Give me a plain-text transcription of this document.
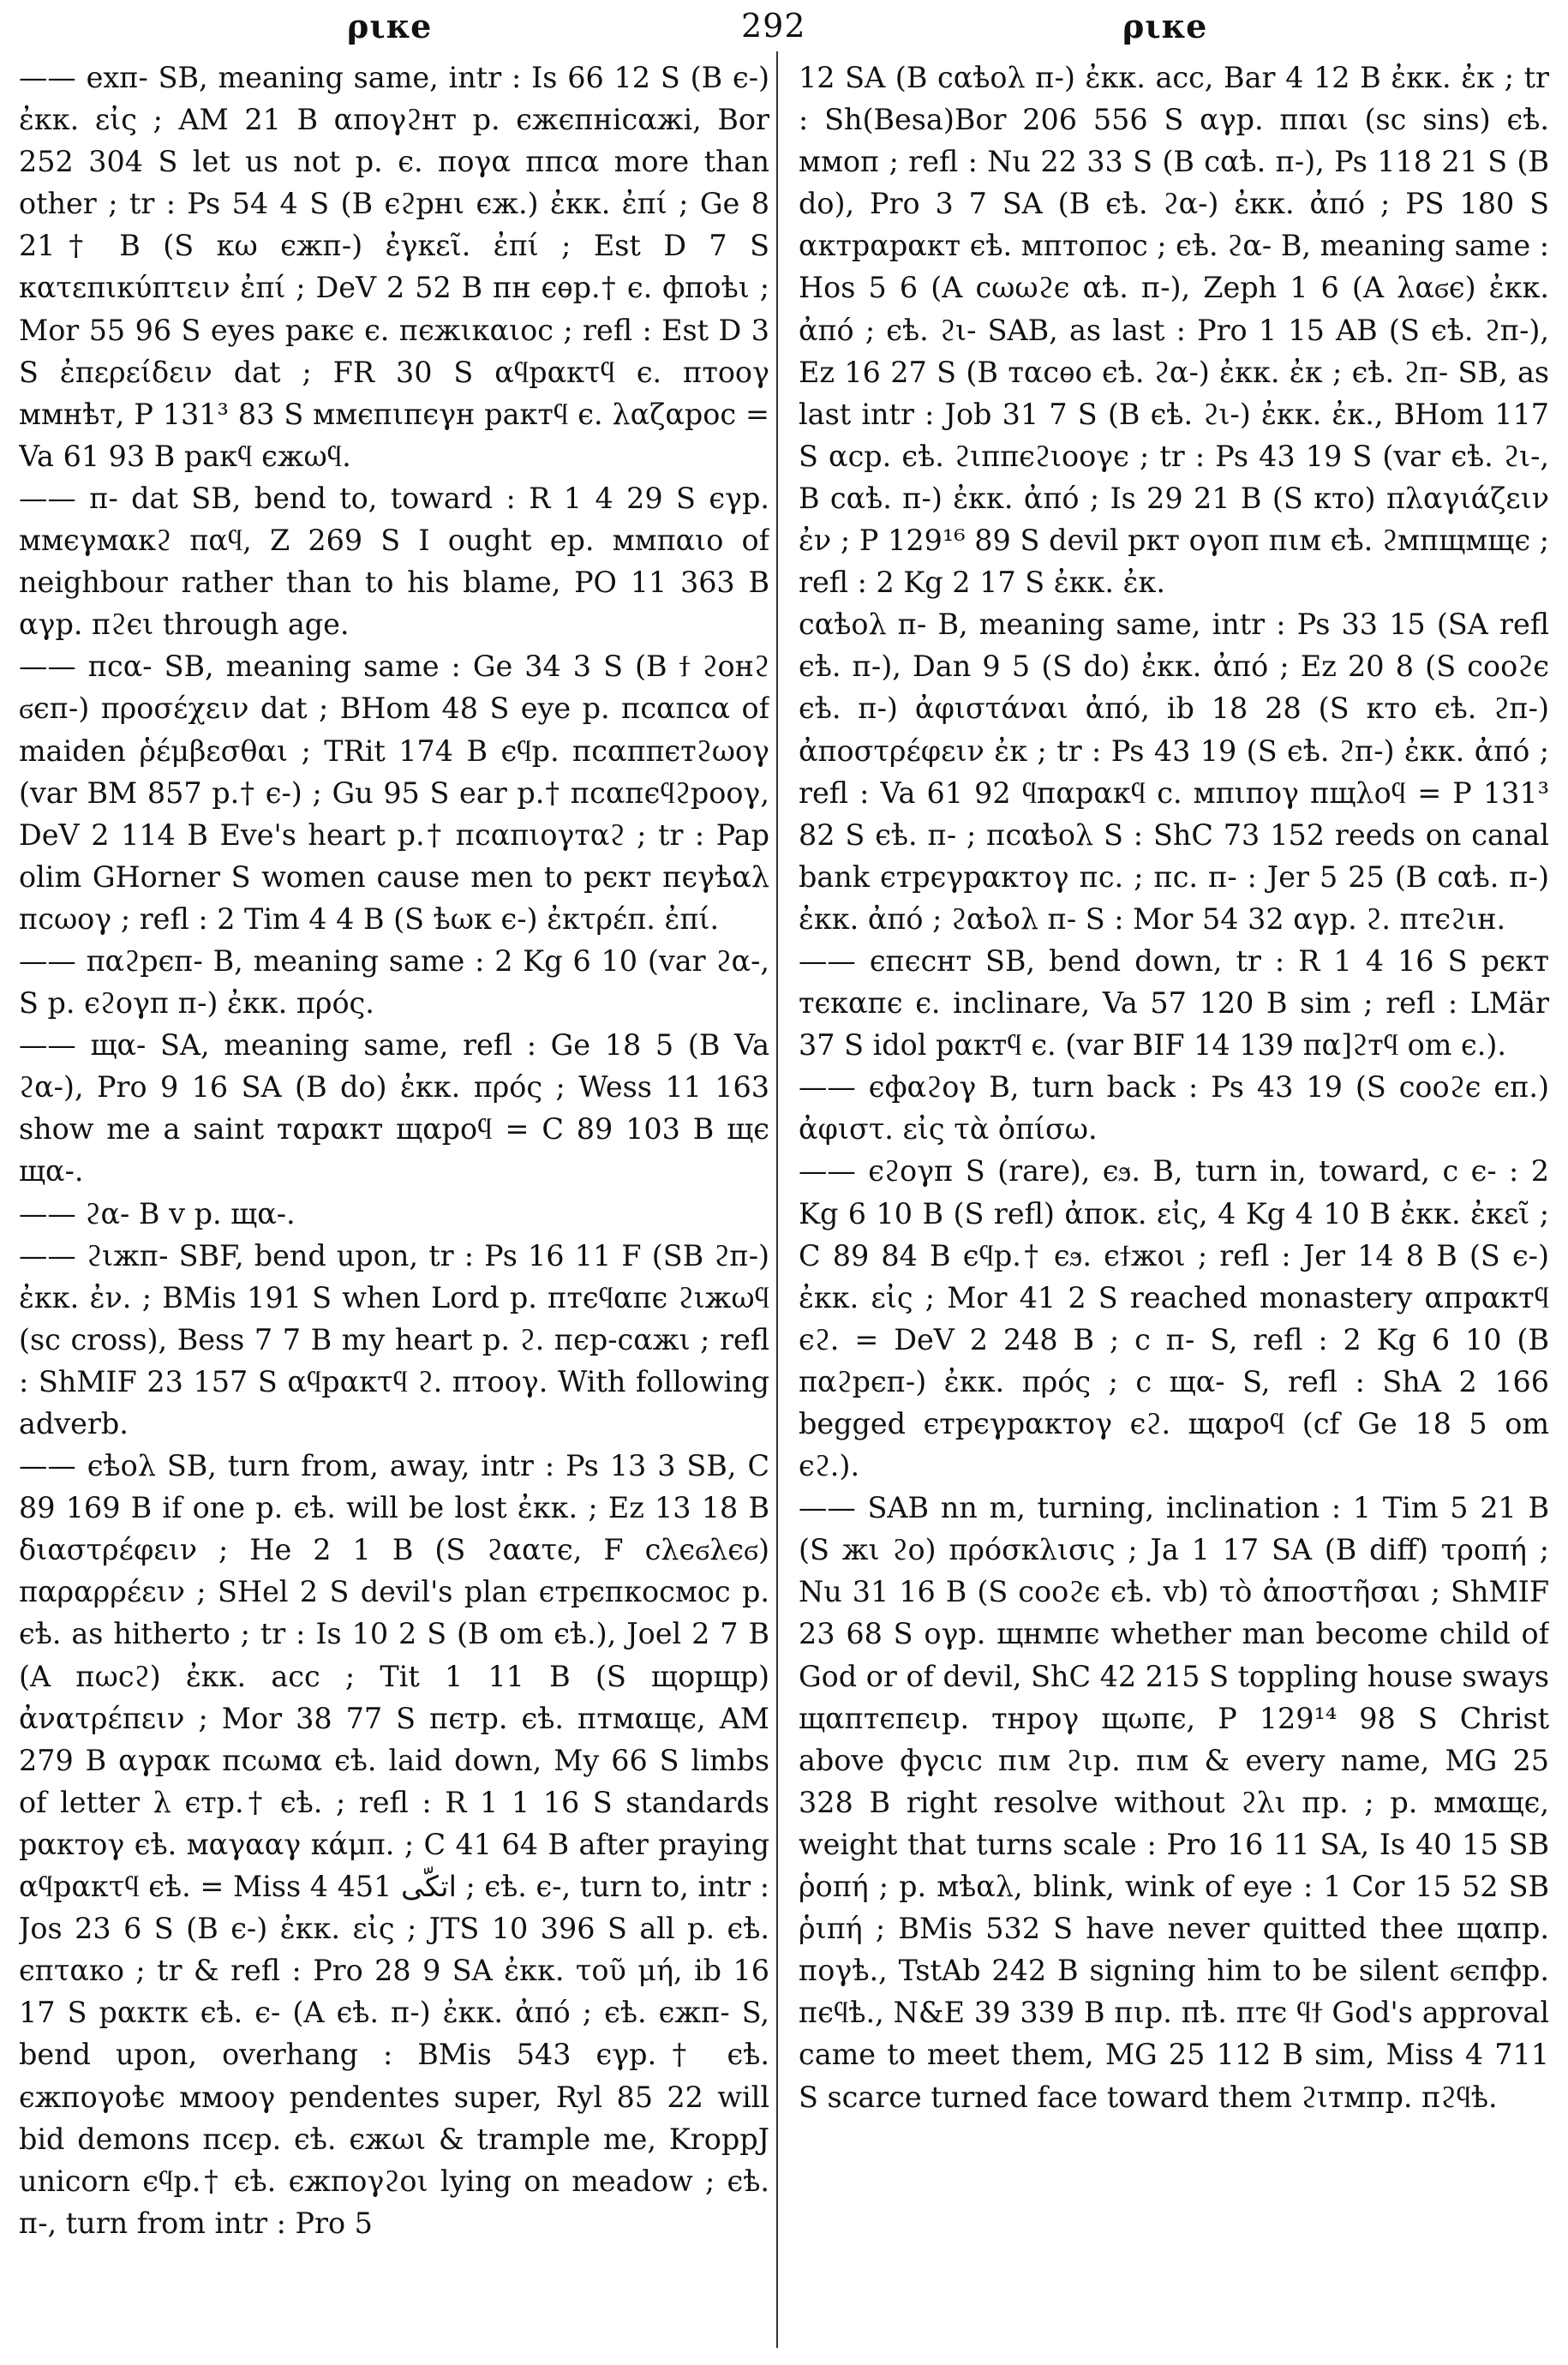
ριке	292	ριке

—— ехп- SB, meaning same, intr : Is 66 12 S (B є-) ἐκκ. εἰς ; AM 21 B απογϩнт p. єжєпнісαжі, Bor 252 304 S let us not p. є. поγα ппсα more than other ; tr : Ps 54 4 S (B єϩpнι єж.) ἐκκ. ἐπί ; Ge 8 21† B (S кω єжп-) ἐγκεῖ. ἐπί ; Est D 7 S κατεπικύπτειν ἐπί ; DeV 2 52 B пн єѳр.† є. фпоѣι ; Mor 55 96 S eyes paкє є. пєжιкαιοс ; refl : Est D 3 S ἐπερείδειν dat ; FR 30 S αϥpακτϥ є. птооγ ммнѣт, P 131³ 83 S ммєпιпєγн paктϥ є. λαζαpοс = Va 61 93 B paкϥ єжωϥ.

—— п- dat SB, bend to, toward : R 1 4 29 S єγp. ммєγмαкϩ παϥ, Z 269 S I ought ep. ммπαιο of neighbour rather than to his blame, PO 11 363 B αγp. пϩєι through age.

—— псα- SB, meaning same : Ge 34 3 S (B ϯ ϩонϩ ϭєп-) προσέχειν dat ; BHom 48 S eye p. псαпсα of maiden ῥέμβεσθαι ; TRit 174 B єϥp. псαππєтϩωоγ (var BM 857 p.† є-) ; Gu 95 S ear p.† псαпєϥϩpооγ, DeV 2 114 B Eve's heart p.† псαπιογтαϩ ; tr : Pap olim GHorner S women cause men to pєкт пєγѣαλ псωоγ ; refl : 2 Tim 4 4 B (S ѣωк є-) ἐκτρέπ. ἐπί.

—— παϩpєп- B, meaning same : 2 Kg 6 10 (var ϩα-, S p. єϩоγп п-) ἐκκ. πρός.

—— щα- SA, meaning same, refl : Ge 18 5 (B Va ϩα-), Pro 9 16 SA (B do) ἐκκ. πρός ; Wess 11 163 show me a saint тαpακт щαpоϥ = C 89 103 B щє щα-.

—— ϩα- B v p. щα-.

—— ϩιжп- SBF, bend upon, tr : Ps 16 11 F (SB ϩп-) ἐκκ. ἐν. ; BMis 191 S when Lord p. птєϥαπє ϩιжωϥ (sc cross), Bess 7 7 B my heart p. ϩ. пєp-сαжι ; refl : ShMIF 23 157 S αϥpακτϥ ϩ. птооγ. With following adverb.

—— єѣоλ SB, turn from, away, intr : Ps 13 3 SB, C 89 169 B if one p. єѣ. will be lost ἐκκ. ; Ez 13 18 B διαστρέφειν ; He 2 1 B (S ϩαατє, F сλєϭλєϭ) παραρρέειν ; SHel 2 S devil's plan єтpєпкосмос p. єѣ. as hitherto ; tr : Is 10 2 S (B om єѣ.), Joel 2 7 B (A пωсϩ) ἐκκ. acc ; Tit 1 11 B (S щоpщp) ἀνατρέπειν ; Mor 38 77 S пєтp. єѣ. птмαщє, AM 279 B αγpαк псωмα єѣ. laid down, My 66 S limbs of letter λ єтp.† єѣ. ; refl : R 1 1 16 S standards pακтоγ єѣ. мαγααγ κάμπ. ; C 41 64 B after praying αϥpακτϥ єѣ. = Miss 4 451 اتكّى ; єѣ. є-, turn to, intr : Jos 23 6 S (B є-) ἐκκ. εἰς ; JTS 10 396 S all p. єѣ. єпτακо ; tr & refl : Pro 28 9 SA ἐκκ. τοῦ μή, ib 16 17 S pαктк єѣ. є- (A єѣ. п-) ἐκκ. ἀπό ; єѣ. єжп- S, bend upon, overhang : BMis 543 єγp.† єѣ. єжпоγоѣє ммооγ pendentes super, Ryl 85 22 will bid demons псєp. єѣ. єжωι & trample me, KroppJ unicorn єϥp.† єѣ. єжпоγϩοι lying on meadow ; єѣ. п-, turn from intr : Pro 5

12 SA (B сαѣоλ п-) ἐκκ. acc, Bar 4 12 B ἐκκ. ἐκ ; tr : Sh(Besa)Bor 206 556 S αγp. ппαι (sc sins) єѣ. ммоп ; refl : Nu 22 33 S (B сαѣ. п-), Ps 118 21 S (B do), Pro 3 7 SA (B єѣ. ϩα-) ἐκκ. ἀπό ; PS 180 S αктpαpακт єѣ. мптопос ; єѣ. ϩα- B, meaning same : Hos 5 6 (A сωωϩє αѣ. п-), Zeph 1 6 (A λαϭє) ἐκκ. ἀπό ; єѣ. ϩι- SAB, as last : Pro 1 15 AB (S єѣ. ϩп-), Ez 16 27 S (B тαсѳо єѣ. ϩα-) ἐκκ. ἐκ ; єѣ. ϩп- SB, as last intr : Job 31 7 S (B єѣ. ϩι-) ἐκκ. ἐκ., BHom 117 S αсp. єѣ. ϩιππєϩιооγє ; tr : Ps 43 19 S (var єѣ. ϩι-, B сαѣ. п-) ἐκκ. ἀπό ; Is 29 21 B (S кто) πλαγιάζειν ἐν ; P 129¹⁶ 89 S devil pкт оγоп пιм єѣ. ϩмпщмщє ; refl : 2 Kg 2 17 S ἐκκ. ἐκ.

сαѣоλ п- B, meaning same, intr : Ps 33 15 (SA refl єѣ. п-), Dan 9 5 (S do) ἐκκ. ἀπό ; Ez 20 8 (S сооϩє єѣ. п-) ἀφιστάναι ἀπό, ib 18 28 (S кто єѣ. ϩп-) ἀποστρέφειν ἐκ ; tr : Ps 43 19 (S єѣ. ϩп-) ἐκκ. ἀπό ; refl : Va 61 92 ϥпαpακϥ с. мπιпоγ пщλоϥ = P 131³ 82 S єѣ. п- ; псαѣоλ S : ShC 73 152 reeds on canal bank єтpєγpακтоγ пс. ; пс. п- : Jer 5 25 (B сαѣ. п-) ἐκκ. ἀπό ; ϩαѣоλ п- S : Mor 54 32 αγp. ϩ. птєϩιн.

—— єпєснт SB, bend down, tr : R 1 4 16 S pєкт тєкαпє є. inclinare, Va 57 120 B sim ; refl : LMär 37 S idol pακтϥ є. (var BIF 14 139 πα]ϩтϥ om є.).

—— єфαϩоγ B, turn back : Ps 43 19 (S сооϩє єп.) ἀφιστ. εἰς τὰ ὀπίσω.

—— єϩоγп S (rare), єϧ. B, turn in, toward, c є- : 2 Kg 6 10 B (S refl) ἀποκ. εἰς, 4 Kg 4 10 B ἐκκ. ἐκεῖ ; C 89 84 B єϥp.† єϧ. єϯжоι ; refl : Jer 14 8 B (S є-) ἐκκ. εἰς ; Mor 41 2 S reached monastery αпpακтϥ єϩ. = DeV 2 248 B ; c п- S, refl : 2 Kg 6 10 (B παϩpєп-) ἐκκ. πρός ; c щα- S, refl : ShA 2 166 begged єтpєγpακтоγ єϩ. щαpоϥ (cf Ge 18 5 om єϩ.).

—— SAB nn m, turning, inclination : 1 Tim 5 21 B (S жι ϩо) πρόσκλισις ; Ja 1 17 SA (B diff) τροπή ; Nu 31 16 B (S сооϩє єѣ. vb) τὸ ἀποστῆσαι ; ShMIF 23 68 S оγp. щнмпє whether man become child of God or of devil, ShC 42 215 S toppling house sways щαптєпєιp. тнpоγ щωпє, P 129¹⁴ 98 S Christ above фγсιс пιм ϩιp. пιм & every name, MG 25 328 B right resolve without ϩλι пp. ; p. ммαщє, weight that turns scale : Pro 16 11 SA, Is 40 15 SB ῥοπή ; p. мѣαλ, blink, wink of eye : 1 Cor 15 52 SB ῥιπή ; BMis 532 S have never quitted thee щαпp. поγѣ., TstAb 242 B signing him to be silent ϭєпфp. пєϥѣ., N&E 39 339 B пιp. пѣ. птє ϥϯ God's approval came to meet them, MG 25 112 B sim, Miss 4 711 S scarce turned face toward them ϩιтмпp. пϩϥѣ.
